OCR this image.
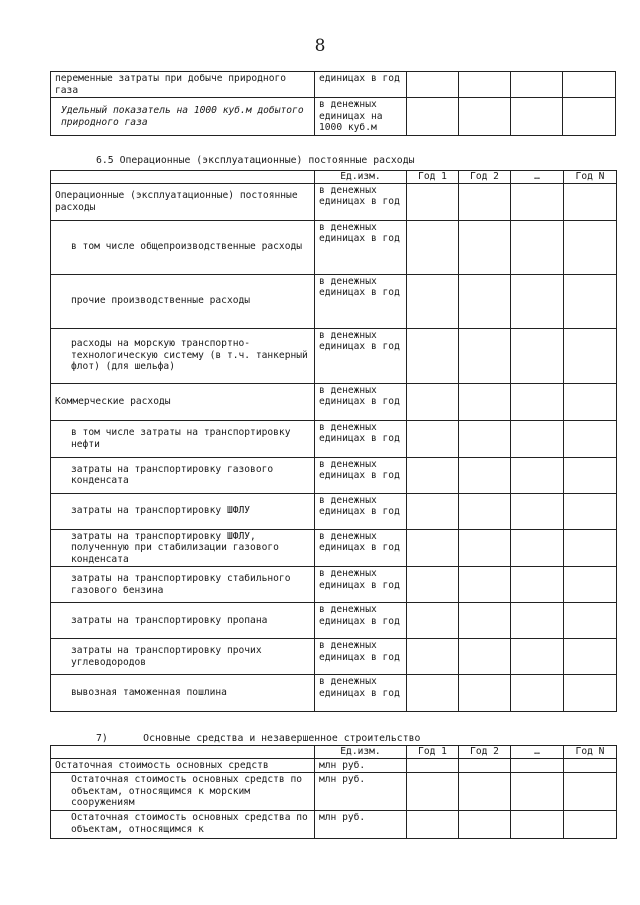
8
переменные затраты при добыче природного газа	единицах в год				
Удельный показатель на 1000 куб.м добытого природного газа	в денежных единицах на 1000 куб.м				
6.5 Операционные (эксплуатационные) постоянные расходы
	Ед.изм.	Год 1	Год 2	…	Год N
Операционные (эксплуатационные) постоянные расходы	в денежных единицах в год				
в том числе общепроизводственные расходы	в денежных единицах в год				
прочие производственные расходы	в денежных единицах в год				
расходы на морскую транспортно-технологическую систему (в т.ч. танкерный флот) (для шельфа)	в денежных единицах в год				
Коммерческие расходы	в денежных единицах в год				
в том числе затраты на транспортировку нефти	в денежных единицах в год				
затраты на транспортировку газового конденсата	в денежных единицах в год				
затраты на транспортировку ШФЛУ	в денежных единицах в год				
затраты на транспортировку ШФЛУ, полученную при стабилизации газового конденсата	в денежных единицах в год				
затраты на транспортировку стабильного газового бензина	в денежных единицах в год				
затраты на транспортировку пропана	в денежных единицах в год				
затраты на транспортировку прочих углеводородов	в денежных единицах в год				
вывозная таможенная пошлина	в денежных единицах в год				
7)      Основные средства и незавершенное строительство
	Ед.изм.	Год 1	Год 2	…	Год N
Остаточная стоимость основных средств	млн руб.				
Остаточная стоимость основных средств по объектам, относящимся к морским сооружениям	млн руб.				
Остаточная стоимость основных средства по объектам, относящимся к	млн руб.				
